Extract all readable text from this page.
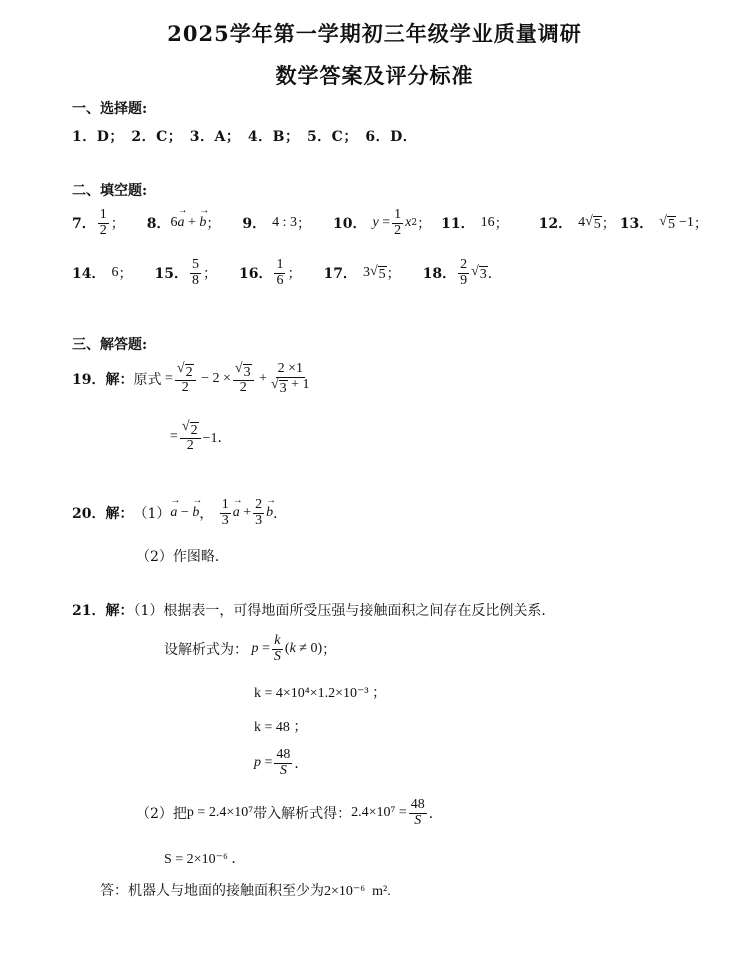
2025学年第一学期初三年级学业质量调研
数学答案及评分标准
一、选择题:
1．D；　2．C；　3．A；　4．B；　5．C；　6．D．
二、填空题:
7． $\frac{1}{2}$ ； 8． 6
→ a +
→ b ； 9． 4 : 3 ； 10． $y = \frac{1}{2}$ x 2 ； 11． 16 ； 12． 4 √ 5 ； 13． √ 5 −1 ；
14． 6 ； 15． $\frac{5}{8}$ ； 16． $\frac{1}{6}$ ； 17． 3 √ 5 ； 18． $\frac{2}{9}$ √ 3 ．
三、解答题:
19．解： 原式 = $\frac{√ 2}{2} - 2 \times \frac{√ 3}{2} + \frac{2 \times 1}{√ 3 + 1}$
= $\frac{√ 2}{2} -1$．
20．解： （1）
→ a −
→ b ， $\frac{1}{3}$
→ $a + \frac{2}{3}$
→ b ．
（2）作图略．
21．解：（1）根据表一，可得地面所受压强与接触面积之间存在反比例关系．
设解析式为： $p = \frac{k}{S}$ ( k ≠ 0) ；
k = 4×10⁴×1.2×10⁻³ ；
k = 48 ；
$p = \frac{48}{S}$ ．
（2）把 p = 2.4×10⁷ 带入解析式得： $2.4\times 10^7 = \frac{48}{S}$ ．
S = 2×10⁻⁶ ．
答：机器人与地面的接触面积至少为2×10⁻⁶ m².
